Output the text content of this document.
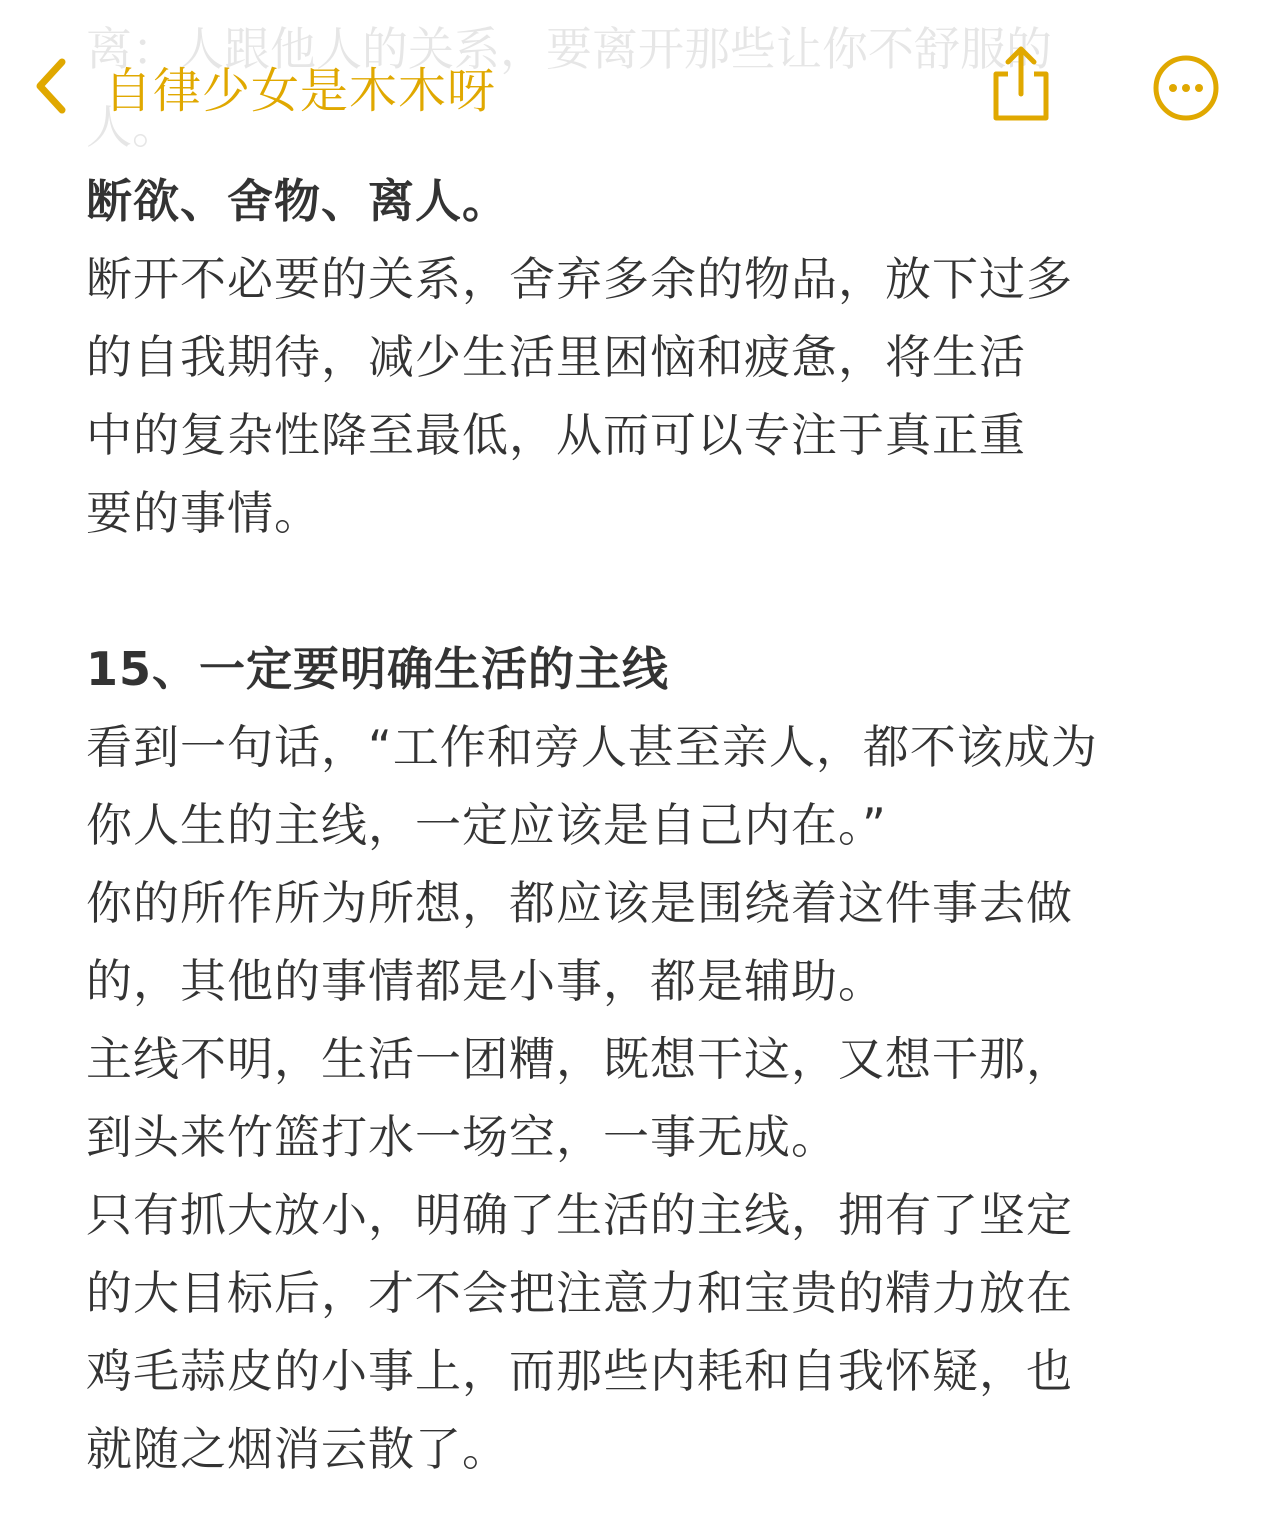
离：人跟他人的关系，要离开那些让你不舒服的人。
自律少女是木木呀

断欲、舍物、离人。

断开不必要的关系，舍弃多余的物品，放下过多

的自我期待，减少生活里困恼和疲惫，将生活

中的复杂性降至最低，从而可以专注于真正重

要的事情。

15、一定要明确生活的主线

看到一句话，“工作和旁人甚至亲人，都不该成为

你人生的主线，一定应该是自己内在。”

你的所作所为所想，都应该是围绕着这件事去做

的，其他的事情都是小事，都是辅助。

主线不明，生活一团糟，既想干这，又想干那，

到头来竹篮打水一场空，一事无成。

只有抓大放小，明确了生活的主线，拥有了坚定

的大目标后，才不会把注意力和宝贵的精力放在

鸡毛蒜皮的小事上，而那些内耗和自我怀疑，也

就随之烟消云散了。
